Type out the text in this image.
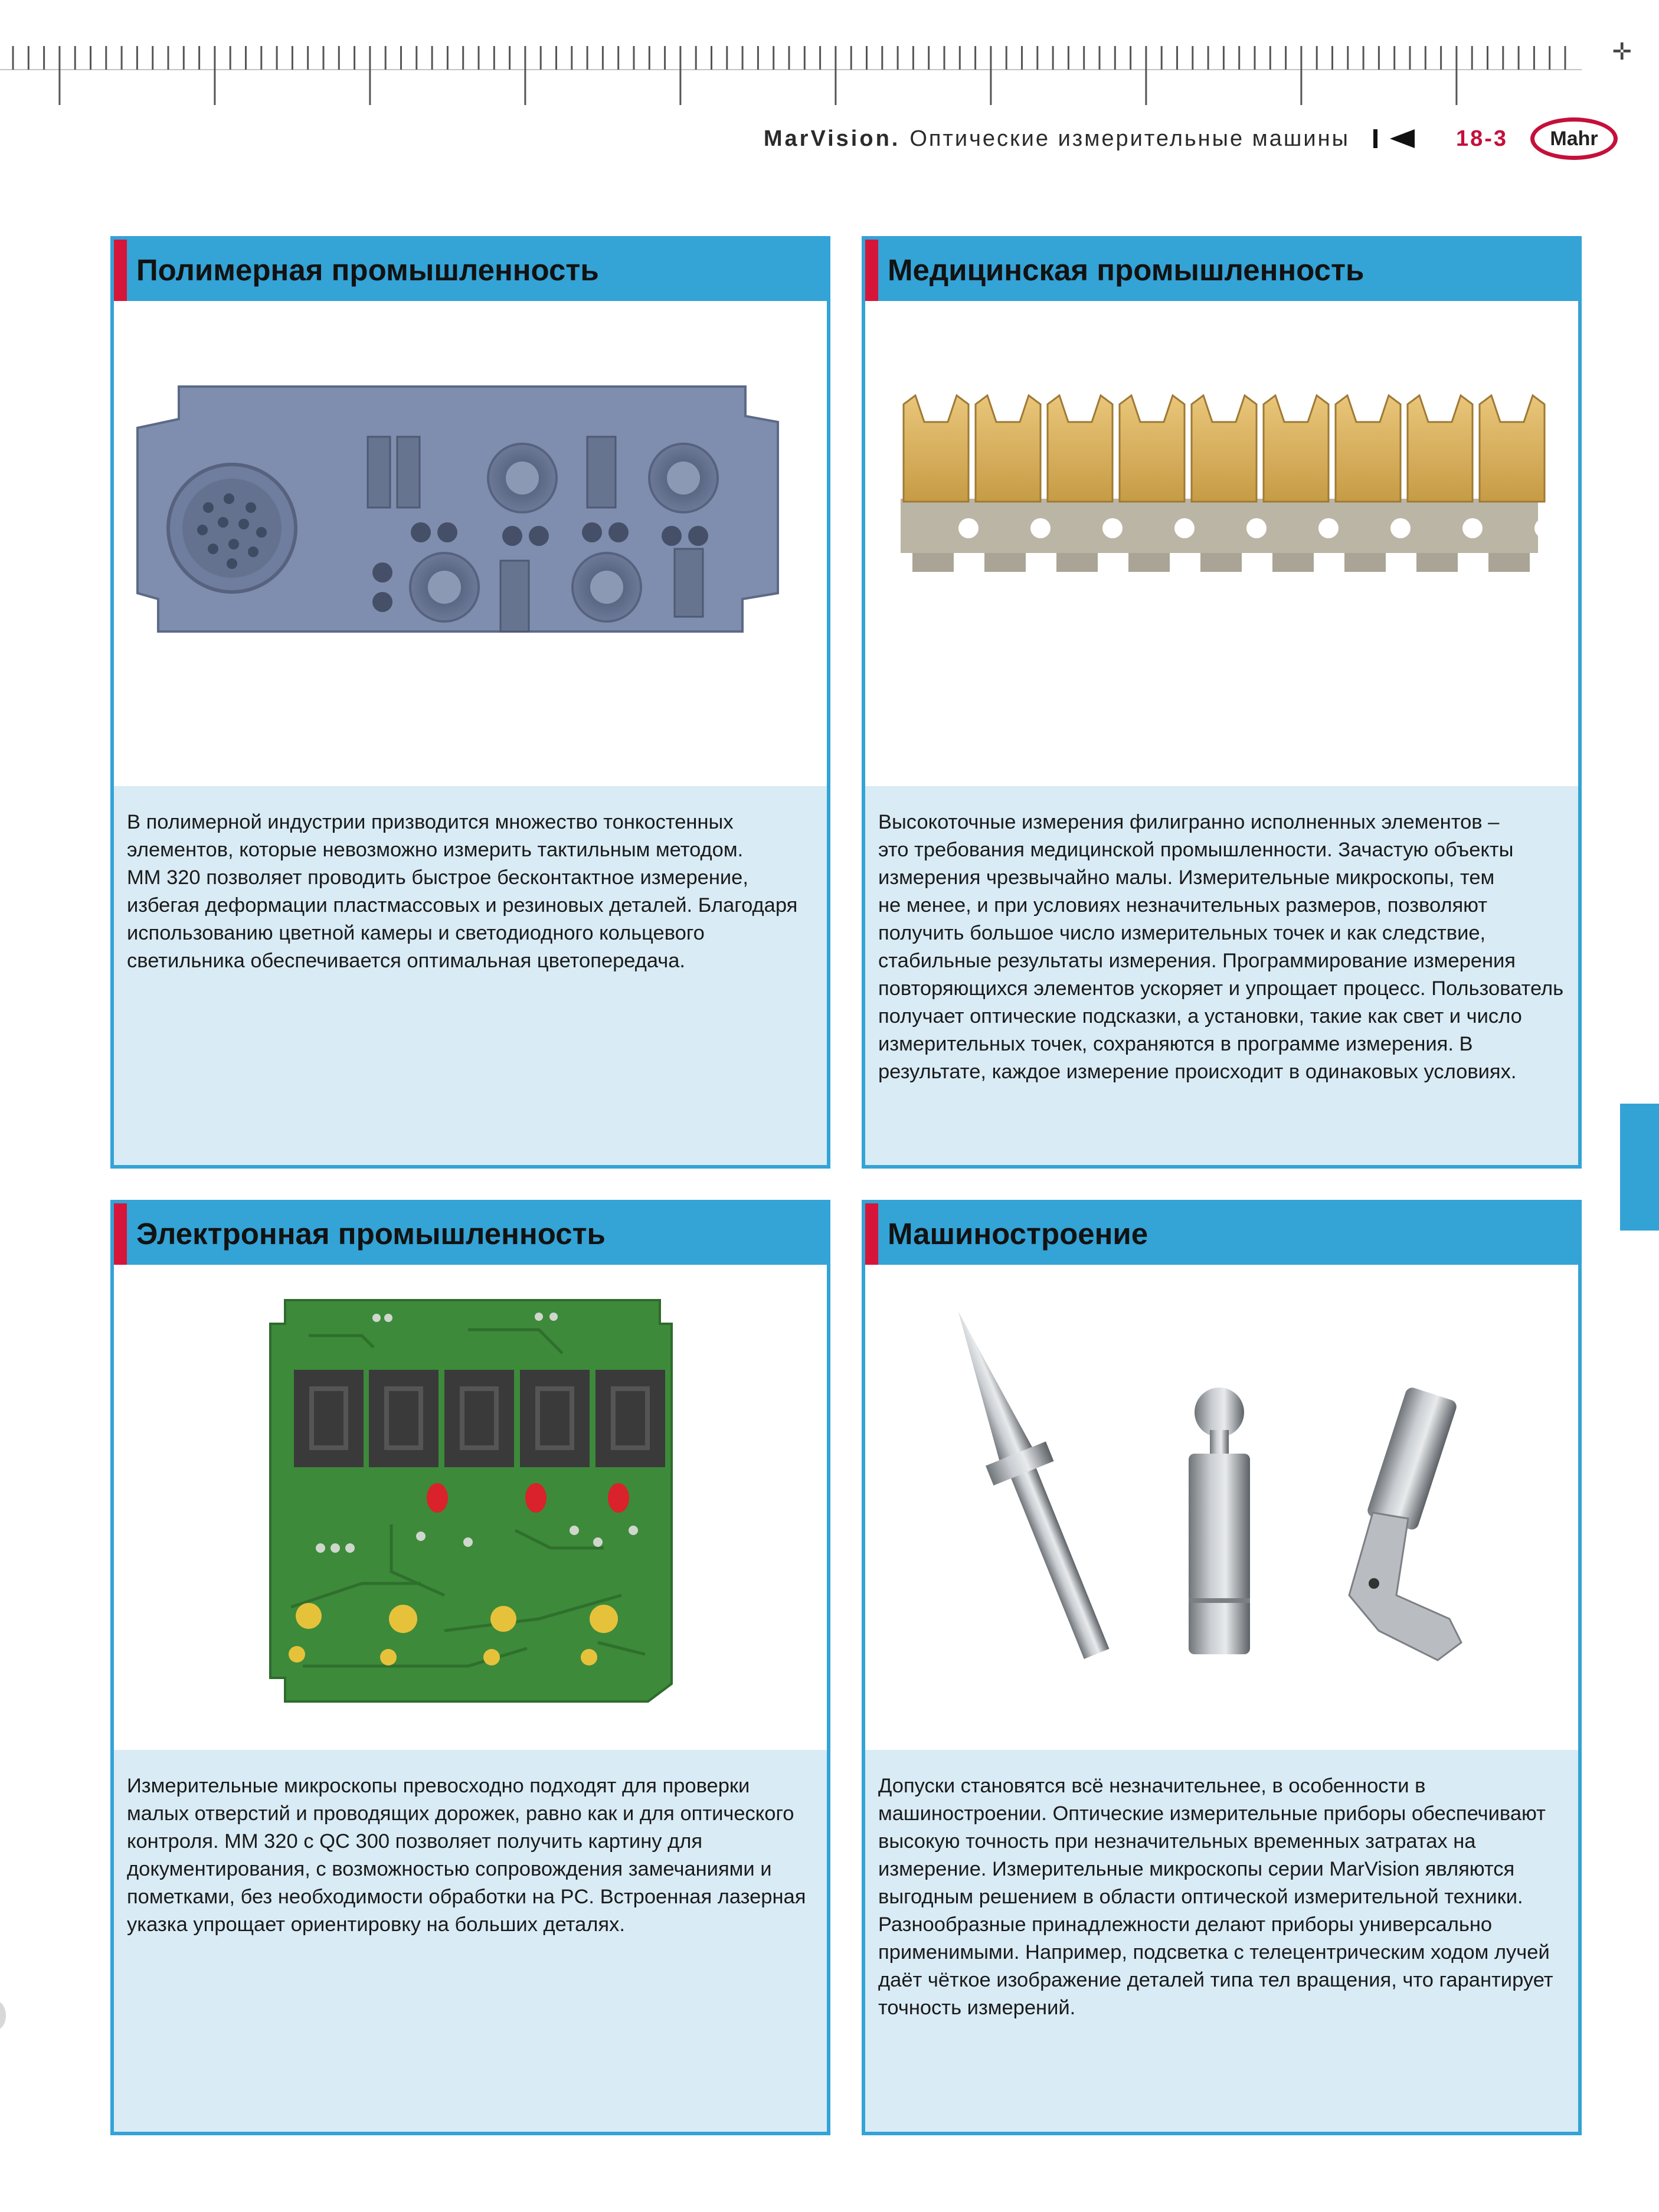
✛
MarVision. Оптические измерительные машины	18-3 Mahr
Полимерная промышленность
В полимерной индустрии призводится множество тонкостенных
элементов, которые невозможно измерить тактильным методом.
MM 320 позволяет проводить быстрое бесконтактное измерение,
избегая деформации пластмассовых и резиновых деталей. Благодаря
использованию цветной камеры и светодиодного кольцевого
светильника обеспечивается оптимальная цветопередача.
Медицинская промышленность
Высокоточные измерения филигранно исполненных элементов –
это требования медицинской промышленности. Зачастую объекты
измерения чрезвычайно малы. Измерительные микроскопы, тем
не менее, и при условиях незначительных размеров, позволяют
получить большое число измерительных точек и как следствие,
стабильные результаты измерения. Программирование измерения
повторяющихся элементов ускоряет и упрощает процесс. Пользователь
получает оптические подсказки, а установки, такие как свет и число
измерительных точек, сохраняются в программе измерения. В
результате, каждое измерение происходит в одинаковых условиях.
Электронная промышленность
Измерительные микроскопы превосходно подходят для проверки
малых отверстий и проводящих дорожек, равно как и для оптического
контроля. MM 320 с QC 300 позволяет получить картину для
документирования, с возможностью сопровождения замечаниями и
пометками, без необходимости обработки на PC. Встроенная лазерная
указка упрощает ориентировку на больших деталях.
Машиностроение
Допуски становятся всё незначительнее, в особенности в
машиностроении. Оптические измерительные приборы обеспечивают
высокую точность при незначительных временных затратах на
измерение. Измерительные микроскопы серии MarVision являются
выгодным решением в области оптической измерительной техники.
Разнообразные принадлежности делают приборы универсально
применимыми. Например, подсветка с телецентрическим ходом лучей
даёт чёткое изображение деталей типа тел вращения, что гарантирует
точность измерений.
